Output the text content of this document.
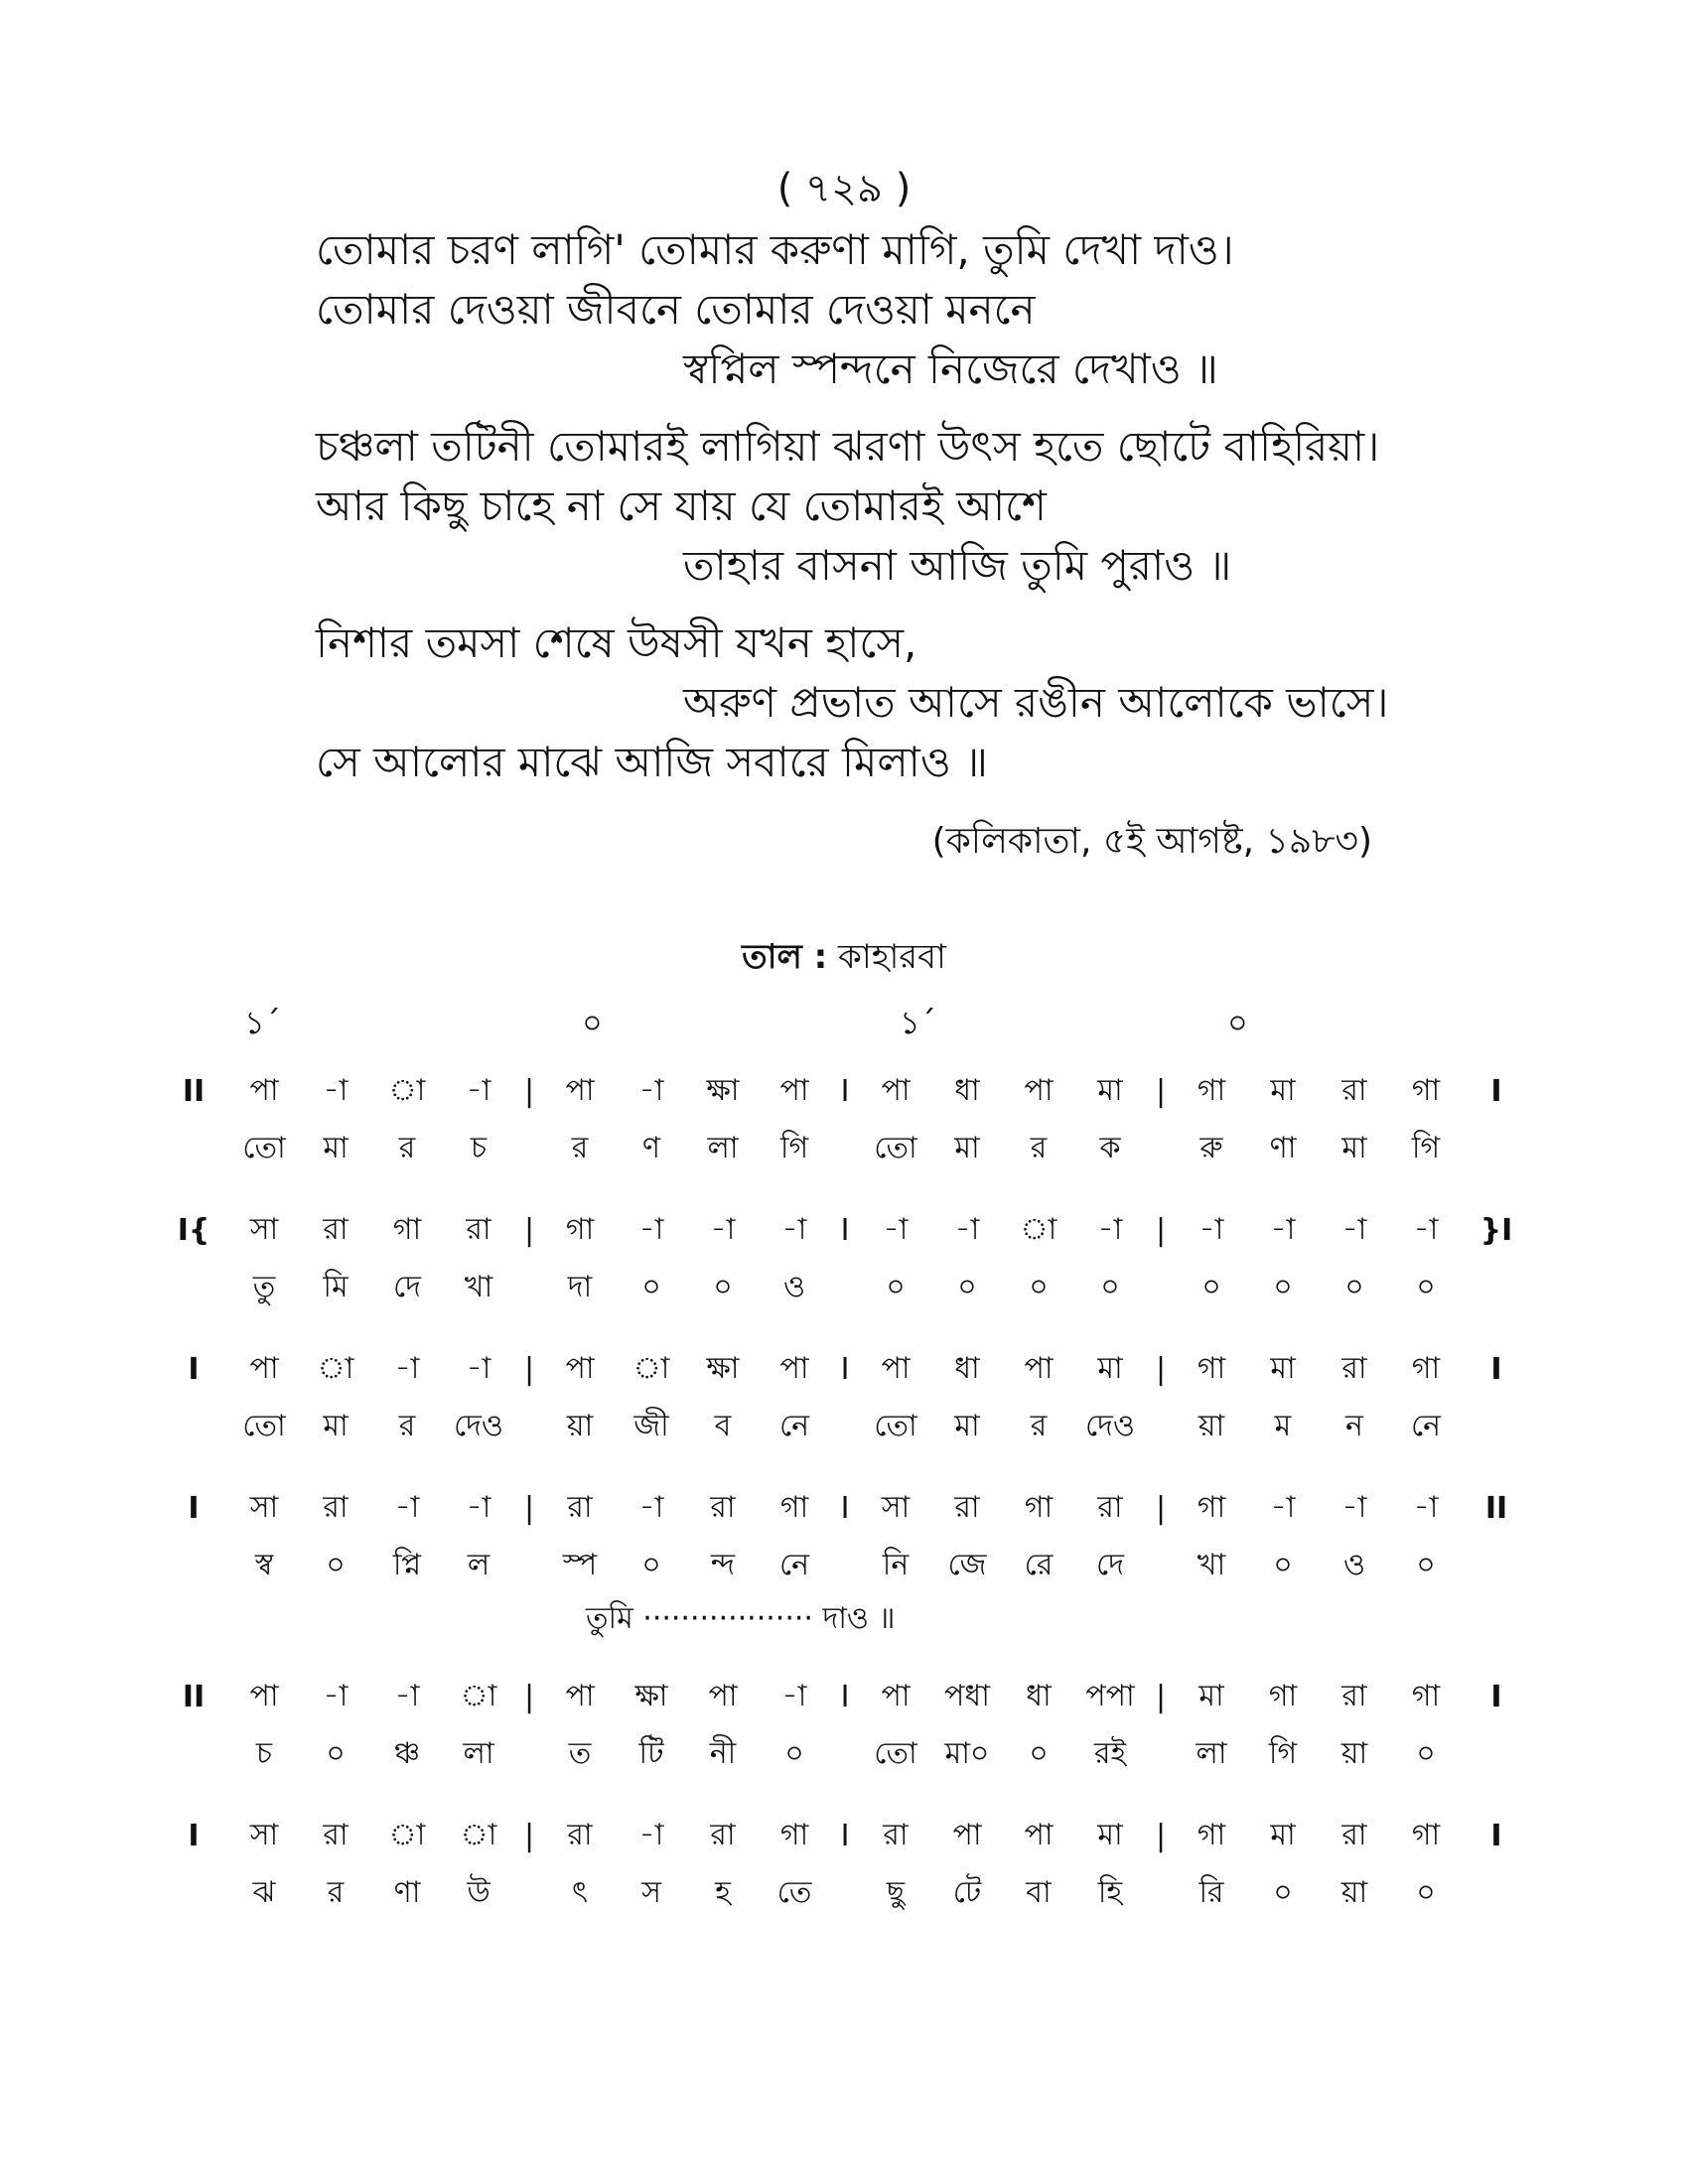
( ৭২৯ )
তোমার চরণ লাগি' তোমার করুণা মাগি, তুমি দেখা দাও।
তোমার দেওয়া জীবনে তোমার দেওয়া মননে
স্বপ্নিল স্পন্দনে নিজেরে দেখাও ॥
চঞ্চলা তটিনী তোমারই লাগিয়া ঝরণা উৎস হতে ছোটে বাহিরিয়া।
আর কিছু চাহে না সে যায় যে তোমারই আশে
তাহার বাসনা আজি তুমি পুরাও ॥
নিশার তমসা শেষে উষসী যখন হাসে,
অরুণ প্রভাত আসে রঙীন আলোকে ভাসে।
সে আলোর মাঝে আজি সবারে মিলাও ॥
(কলিকাতা, ৫ই আগষ্ট, ১৯৮৩)
তাল : কাহারবা
১´	০	১´	০
II	পা	-া	া	-া	|	পা	-া	ক্ষা	পা	I	পা	ধা	পা	মা	|	গা	মা	রা	গা	I
তো	মা	র	চ	র	ণ	লা	গি	তো	মা	র	ক	রু	ণা	মা	গি
I{	সা	রা	গা	রা	|	গা	-া	-া	-া	I	-া	-া	া	-া	|	-া	-া	-া	-া	}I
তু	মি	দে	খা	দা	০	০	ও	০	০	০	০	০	০	০	০
I	পা	া	-া	-া	|	পা	া	ক্ষা	পা	I	পা	ধা	পা	মা	|	গা	মা	রা	গা	I
তো	মা	র	দেও	য়া	জী	ব	নে	তো	মা	র	দেও	য়া	ম	ন	নে
I	সা	রা	-া	-া	|	রা	-া	রা	গা	I	সা	রা	গা	রা	|	গা	-া	-া	-া	II
স্ব	০	প্নি	ল	স্প	০	ন্দ	নে	নি	জে	রে	দে	খা	০	ও	০
তুমি ·················· দাও ॥
II	পা	-া	-া	া |	পা	ক্ষা	পা	-া	I	পা	পধা	ধা	পপা |	মা	গা	রা	গা	I
চ	০	ঞ্চ	লা	ত	টি	নী	০	তো মা০	০	রই	লা	গি	য়া	০
I	সা	রা	া	া |	রা	-া	রা	গা	I	রা	পা	পা	মা	|	গা	মা	রা	গা	I
ঝ	র	ণা	উ	ৎ	স	হ	তে	ছু	টে	বা	হি	রি	০	য়া	০
